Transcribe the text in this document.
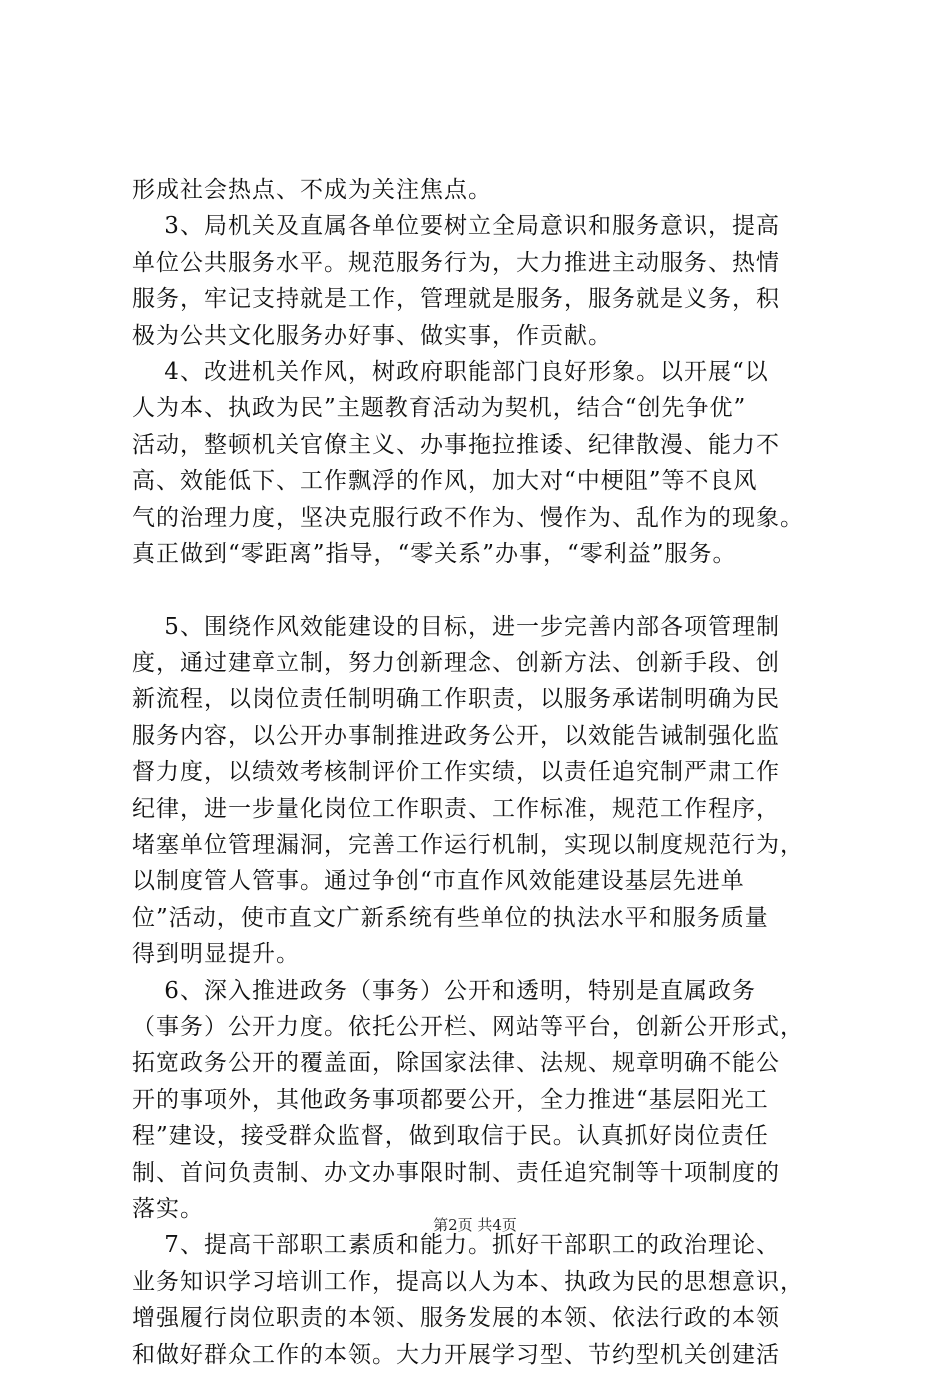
形成社会热点、不成为关注焦点。
　 3、局机关及直属各单位要树立全局意识和服务意识，提高
单位公共服务水平。规范服务行为，大力推进主动服务、热情
服务，牢记支持就是工作，管理就是服务，服务就是义务，积
极为公共文化服务办好事、做实事，作贡献。
　 4、改进机关作风，树政府职能部门良好形象。以开展“以
人为本、执政为民”主题教育活动为契机，结合“创先争优”
活动，整顿机关官僚主义、办事拖拉推诿、纪律散漫、能力不
高、效能低下、工作飘浮的作风，加大对“中梗阻”等不良风
气的治理力度，坚决克服行政不作为、慢作为、乱作为的现象。
真正做到“零距离”指导，“零关系”办事，“零利益”服务。
　 5、围绕作风效能建设的目标，进一步完善内部各项管理制
度，通过建章立制，努力创新理念、创新方法、创新手段、创
新流程，以岗位责任制明确工作职责，以服务承诺制明确为民
服务内容，以公开办事制推进政务公开，以效能告诫制强化监
督力度，以绩效考核制评价工作实绩，以责任追究制严肃工作
纪律，进一步量化岗位工作职责、工作标准，规范工作程序，
堵塞单位管理漏洞，完善工作运行机制，实现以制度规范行为，
以制度管人管事。通过争创“市直作风效能建设基层先进单
位”活动，使市直文广新系统有些单位的执法水平和服务质量
得到明显提升。
　 6、深入推进政务（事务）公开和透明，特别是直属政务
（事务）公开力度。依托公开栏、网站等平台，创新公开形式，
拓宽政务公开的覆盖面，除国家法律、法规、规章明确不能公
开的事项外，其他政务事项都要公开，全力推进“基层阳光工
程”建设，接受群众监督，做到取信于民。认真抓好岗位责任
制、首问负责制、办文办事限时制、责任追究制等十项制度的
落实。
　 7、提高干部职工素质和能力。抓好干部职工的政治理论、
业务知识学习培训工作，提高以人为本、执政为民的思想意识，
增强履行岗位职责的本领、服务发展的本领、依法行政的本领
和做好群众工作的本领。大力开展学习型、节约型机关创建活
第2页 共4页
